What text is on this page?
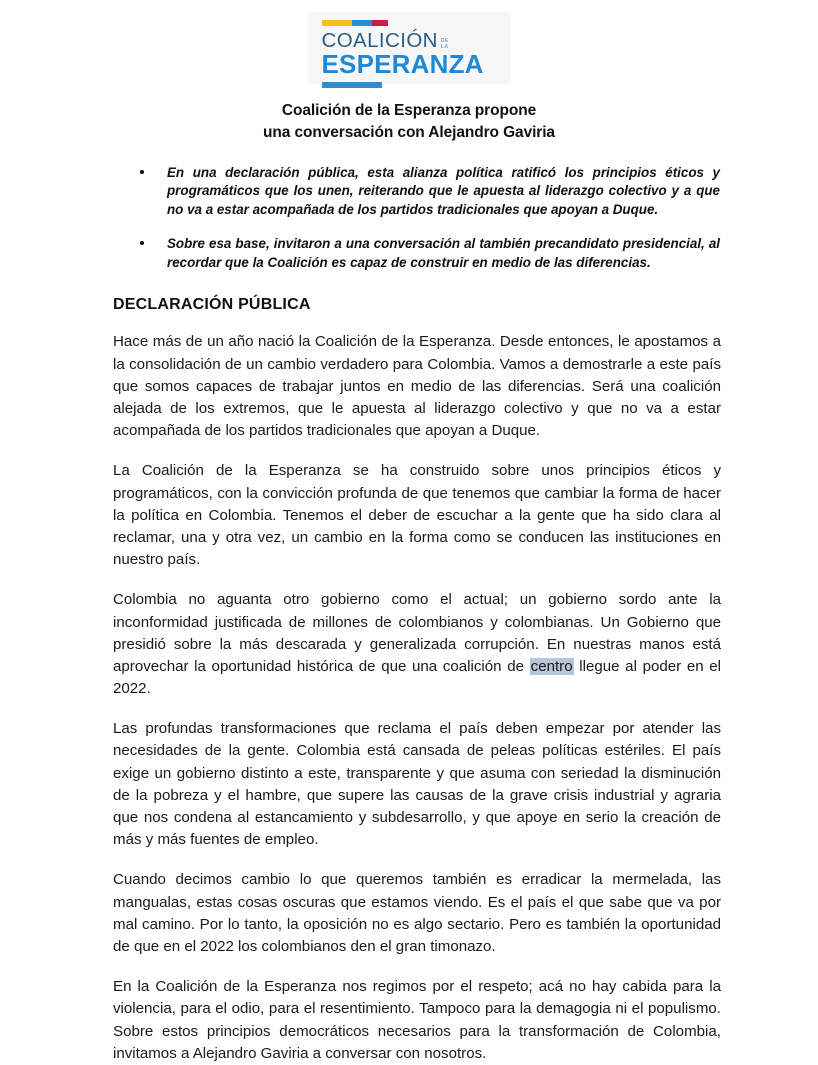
COALICIÓN DE
LA
ESPERANZA
Coalición de la Esperanza propone
una conversación con Alejandro Gaviria
En una declaración pública, esta alianza política ratificó los principios éticos y programáticos que los unen, reiterando que le apuesta al liderazgo colectivo y a que no va a estar acompañada de los partidos tradicionales que apoyan a Duque.
Sobre esa base, invitaron a una conversación al también precandidato presidencial, al recordar que la Coalición es capaz de construir en medio de las diferencias.
DECLARACIÓN PÚBLICA

Hace más de un año nació la Coalición de la Esperanza. Desde entonces, le apostamos a la consolidación de un cambio verdadero para Colombia. Vamos a demostrarle a este país que somos capaces de trabajar juntos en medio de las diferencias. Será una coalición alejada de los extremos, que le apuesta al liderazgo colectivo y que no va a estar acompañada de los partidos tradicionales que apoyan a Duque.

La Coalición de la Esperanza se ha construido sobre unos principios éticos y programáticos, con la convicción profunda de que tenemos que cambiar la forma de hacer la política en Colombia. Tenemos el deber de escuchar a la gente que ha sido clara al reclamar, una y otra vez, un cambio en la forma como se conducen las instituciones en nuestro país.

Colombia no aguanta otro gobierno como el actual; un gobierno sordo ante la inconformidad justificada de millones de colombianos y colombianas. Un Gobierno que presidió sobre la más descarada y generalizada corrupción. En nuestras manos está aprovechar la oportunidad histórica de que una coalición de centro llegue al poder en el 2022.

Las profundas transformaciones que reclama el país deben empezar por atender las necesidades de la gente. Colombia está cansada de peleas políticas estériles. El país exige un gobierno distinto a este, transparente y que asuma con seriedad la disminución de la pobreza y el hambre, que supere las causas de la grave crisis industrial y agraria que nos condena al estancamiento y subdesarrollo, y que apoye en serio la creación de más y más fuentes de empleo.

Cuando decimos cambio lo que queremos también es erradicar la mermelada, las mangualas, estas cosas oscuras que estamos viendo. Es el país el que sabe que va por mal camino. Por lo tanto, la oposición no es algo sectario. Pero es también la oportunidad de que en el 2022 los colombianos den el gran timonazo.

En la Coalición de la Esperanza nos regimos por el respeto; acá no hay cabida para la violencia, para el odio, para el resentimiento. Tampoco para la demagogia ni el populismo. Sobre estos principios democráticos necesarios para la transformación de Colombia, invitamos a Alejandro Gaviria a conversar con nosotros.
